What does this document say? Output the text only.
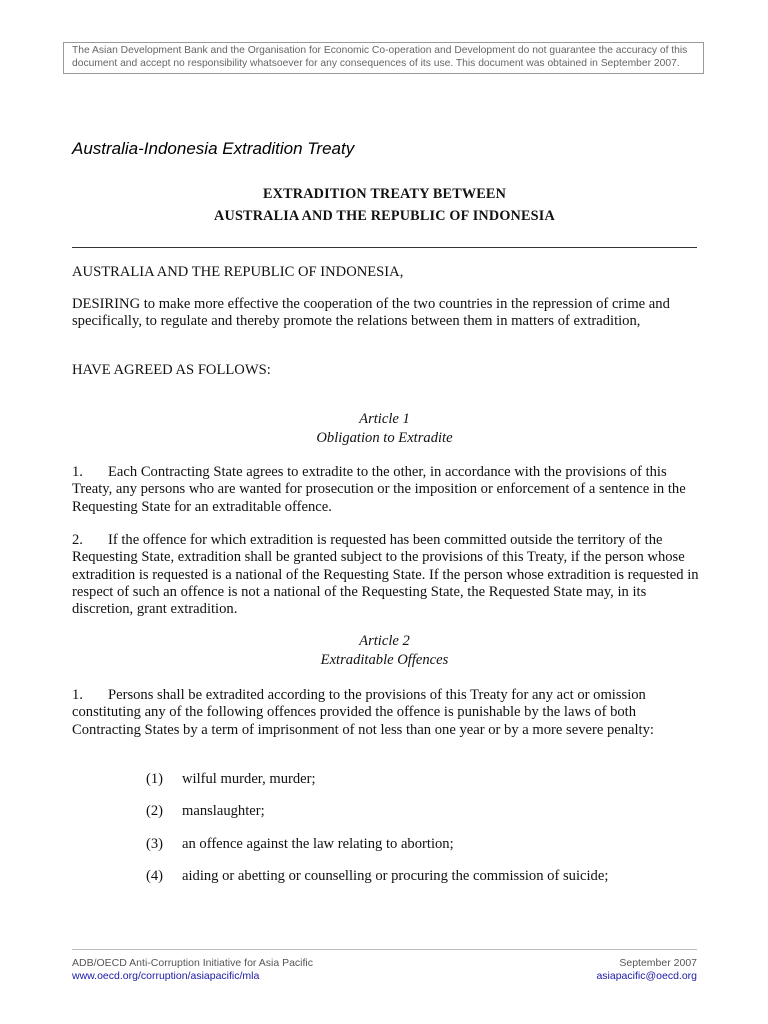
The Asian Development Bank and the Organisation for Economic Co-operation and Development do not guarantee the accuracy of this document and accept no responsibility whatsoever for any consequences of its use. This document was obtained in September 2007.
Australia-Indonesia Extradition Treaty
EXTRADITION TREATY BETWEEN
AUSTRALIA AND THE REPUBLIC OF INDONESIA
AUSTRALIA AND THE REPUBLIC OF INDONESIA,
DESIRING to make more effective the cooperation of the two countries in the repression of crime and specifically, to regulate and thereby promote the relations between them in matters of extradition,
HAVE AGREED AS FOLLOWS:
Article 1
Obligation to Extradite
1. Each Contracting State agrees to extradite to the other, in accordance with the provisions of this Treaty, any persons who are wanted for prosecution or the imposition or enforcement of a sentence in the Requesting State for an extraditable offence.
2. If the offence for which extradition is requested has been committed outside the territory of the Requesting State, extradition shall be granted subject to the provisions of this Treaty, if the person whose extradition is requested is a national of the Requesting State. If the person whose extradition is requested in respect of such an offence is not a national of the Requesting State, the Requested State may, in its discretion, grant extradition.
Article 2
Extraditable Offences
1. Persons shall be extradited according to the provisions of this Treaty for any act or omission constituting any of the following offences provided the offence is punishable by the laws of both Contracting States by a term of imprisonment of not less than one year or by a more severe penalty:
(1) wilful murder, murder;
(2) manslaughter;
(3) an offence against the law relating to abortion;
(4) aiding or abetting or counselling or procuring the commission of suicide;
ADB/OECD Anti-Corruption Initiative for Asia Pacific
www.oecd.org/corruption/asiapacific/mla
September 2007
asiapacific@oecd.org
